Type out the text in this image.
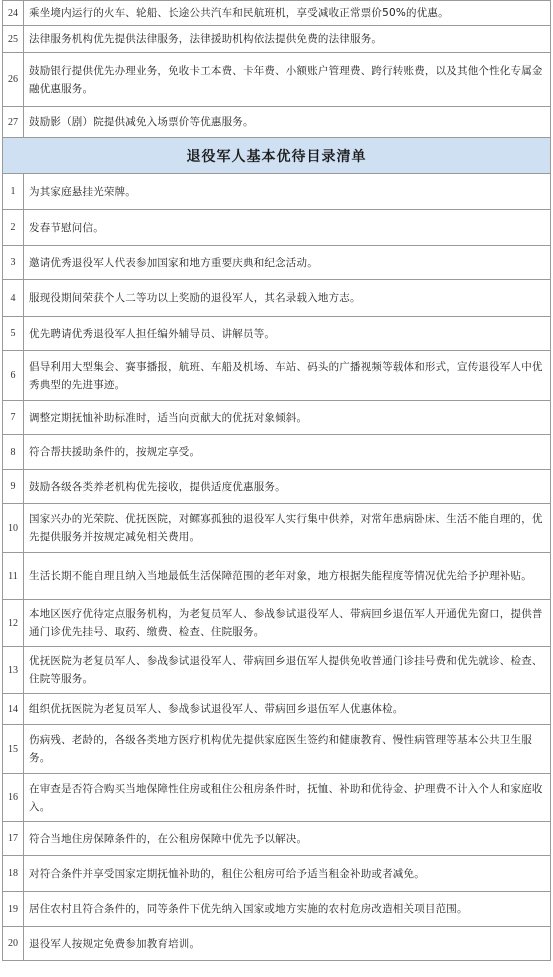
24	乘坐境内运行的火车、轮船、长途公共汽车和民航班机，享受减收正常票价50%的优惠。
25	法律服务机构优先提供法律服务，法律援助机构依法提供免费的法律服务。
26	鼓励银行提供优先办理业务，免收卡工本费、卡年费、小额账户管理费、跨行转账费，以及其他个性化专属金融优惠服务。
27	鼓励影（剧）院提供减免入场票价等优惠服务。
退役军人基本优待目录清单	
1	为其家庭悬挂光荣牌。
2	发春节慰问信。
3	邀请优秀退役军人代表参加国家和地方重要庆典和纪念活动。
4	服现役期间荣获个人二等功以上奖励的退役军人，其名录载入地方志。
5	优先聘请优秀退役军人担任编外辅导员、讲解员等。
6	倡导利用大型集会、赛事播报，航班、车船及机场、车站、码头的广播视频等载体和形式，宣传退役军人中优秀典型的先进事迹。
7	调整定期抚恤补助标准时，适当向贡献大的优抚对象倾斜。
8	符合帮扶援助条件的，按规定享受。
9	鼓励各级各类养老机构优先接收，提供适度优惠服务。
10	国家兴办的光荣院、优抚医院，对鳏寡孤独的退役军人实行集中供养，对常年患病卧床、生活不能自理的，优先提供服务并按规定减免相关费用。
11	生活长期不能自理且纳入当地最低生活保障范围的老年对象，地方根据失能程度等情况优先给予护理补贴。
12	本地区医疗优待定点服务机构，为老复员军人、参战参试退役军人、带病回乡退伍军人开通优先窗口，提供普通门诊优先挂号、取药、缴费、检查、住院服务。
13	优抚医院为老复员军人、参战参试退役军人、带病回乡退伍军人提供免收普通门诊挂号费和优先就诊、检查、住院等服务。
14	组织优抚医院为老复员军人、参战参试退役军人、带病回乡退伍军人优惠体检。
15	伤病残、老龄的，各级各类地方医疗机构优先提供家庭医生签约和健康教育、慢性病管理等基本公共卫生服务。
16	在审查是否符合购买当地保障性住房或租住公租房条件时，抚恤、补助和优待金、护理费不计入个人和家庭收入。
17	符合当地住房保障条件的，在公租房保障中优先予以解决。
18	对符合条件并享受国家定期抚恤补助的，租住公租房可给予适当租金补助或者减免。
19	居住农村且符合条件的，同等条件下优先纳入国家或地方实施的农村危房改造相关项目范围。
20	退役军人按规定免费参加教育培训。
